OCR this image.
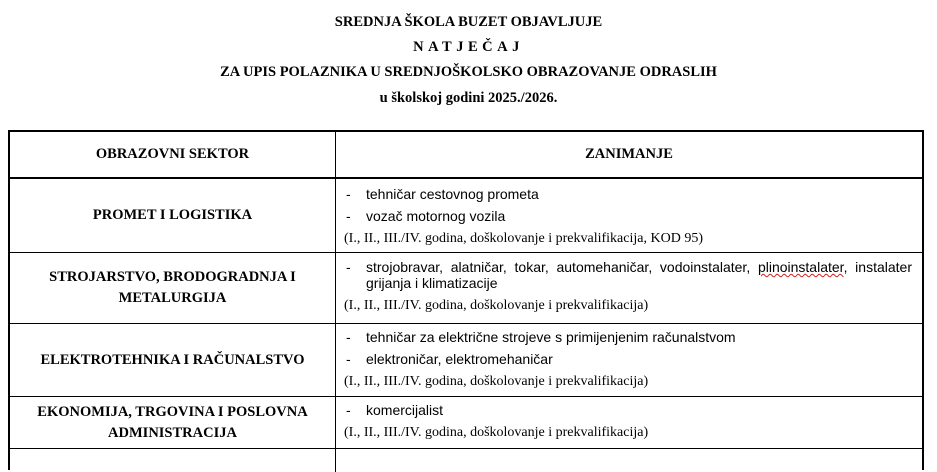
SREDNJA ŠKOLA BUZET OBJAVLJUJE
NATJEČAJ
ZA UPIS POLAZNIKA U SREDNJOŠKOLSKO OBRAZOVANJE ODRASLIH
u školskoj godini 2025./2026.
OBRAZOVNI SEKTOR	ZANIMANJE
PROMET I LOGISTIKA
- tehničar cestovnog prometa
- vozač motornog vozila
(I., II., III./IV. godina, doškolovanje i prekvalifikacija, KOD 95)
STROJARSTVO, BRODOGRADNJA I METALURGIJA
- strojobravar, alatničar, tokar, automehaničar, vodoinstalater, plinoinstalater, instalater grijanja i klimatizacije
(I., II., III./IV. godina, doškolovanje i prekvalifikacija)
ELEKTROTEHNIKA I RAČUNALSTVO
- tehničar za električne strojeve s primijenjenim računalstvom
- elektroničar, elektromehaničar
(I., II., III./IV. godina, doškolovanje i prekvalifikacija)
EKONOMIJA, TRGOVINA I POSLOVNA ADMINISTRACIJA
- komercijalist
(I., II., III./IV. godina, doškolovanje i prekvalifikacija)
